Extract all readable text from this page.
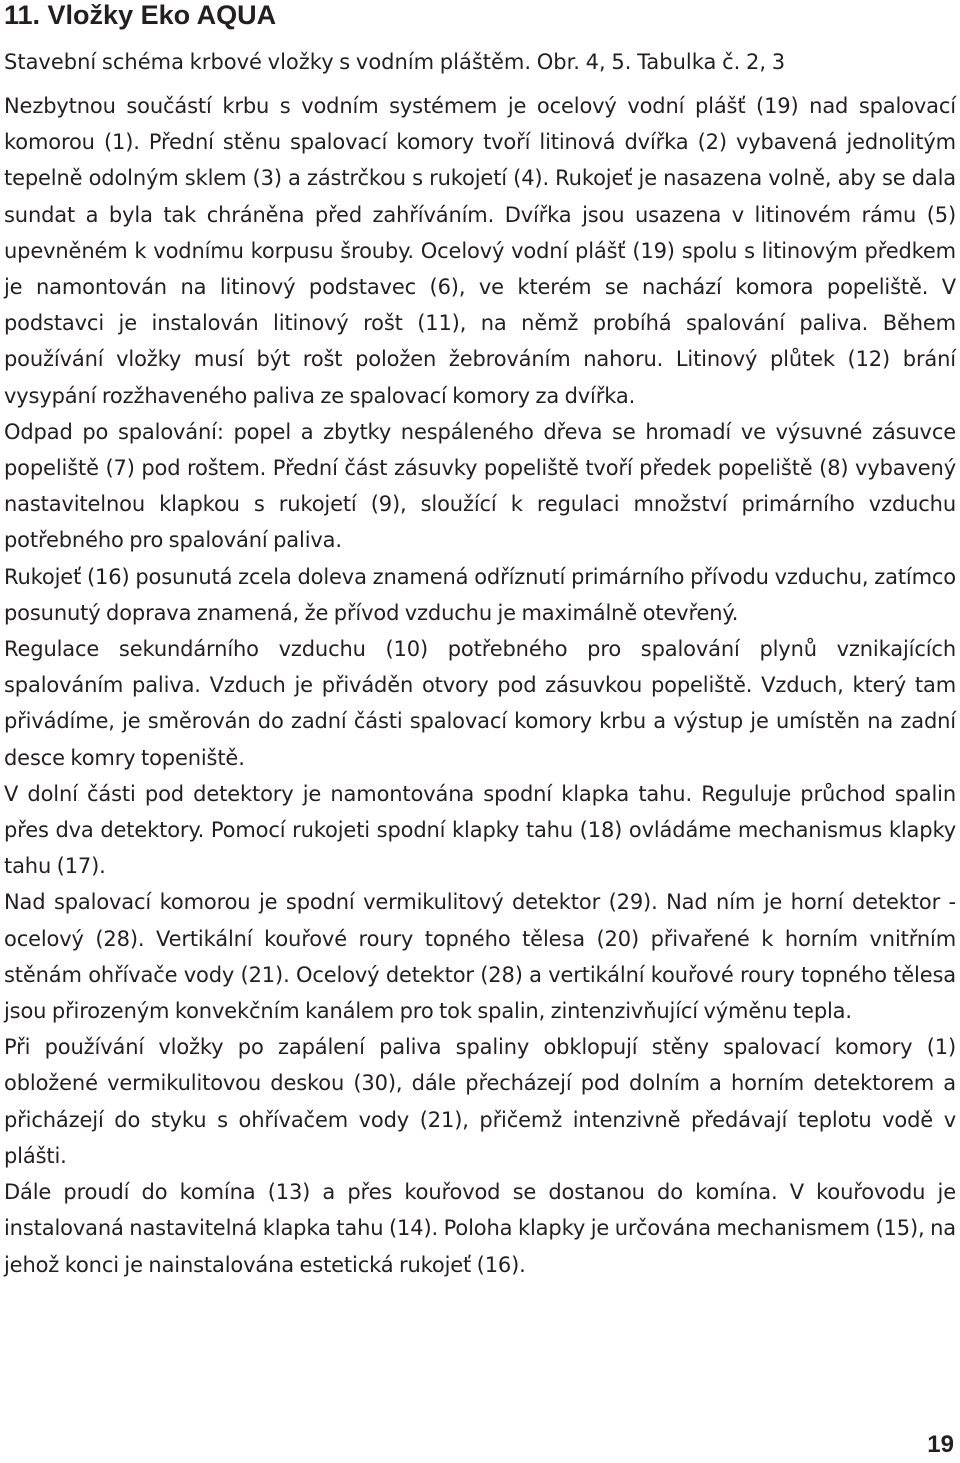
11. Vložky Eko AQUA

Stavební schéma krbové vložky s vodním pláštěm. Obr. 4, 5. Tabulka č. 2, 3

Nezbytnou součástí krbu s vodním systémem je ocelový vodní plášť (19) nad spalovací komorou (1). Přední stěnu spalovací komory tvoří litinová dvířka (2) vybavená jednolitým tepelně odolným sklem (3) a zástrčkou s rukojetí (4). Rukojeť je nasazena volně, aby se dala sundat a byla tak chráněna před zahříváním. Dvířka jsou usazena v litinovém rámu (5) upevněném k vodnímu korpusu šrouby. Ocelový vodní plášť (19) spolu s litinovým předkem je namontován na litinový podstavec (6), ve kterém se nachází komora popeliště. V podstavci je instalován litinový rošt (11), na němž probíhá spalování paliva. Během používání vložky musí být rošt položen žebrováním nahoru. Litinový plůtek (12) brání vysypání rozžhaveného paliva ze spalovací komory za dvířka.

Odpad po spalování: popel a zbytky nespáleného dřeva se hromadí ve výsuvné zásuvce popeliště (7) pod roštem. Přední část zásuvky popeliště tvoří předek popeliště (8) vybavený nastavitelnou klapkou s rukojetí (9), sloužící k regulaci množství primárního vzduchu potřebného pro spalování paliva.

Rukojeť (16) posunutá zcela doleva znamená odříznutí primárního přívodu vzduchu, zatímco posunutý doprava znamená, že přívod vzduchu je maximálně otevřený.

Regulace sekundárního vzduchu (10) potřebného pro spalování plynů vznikajících spalováním paliva. Vzduch je přiváděn otvory pod zásuvkou popeliště. Vzduch, který tam přivádíme, je směrován do zadní části spalovací komory krbu a výstup je umístěn na zadní desce komry topeniště.

V dolní části pod detektory je namontována spodní klapka tahu. Reguluje průchod spalin přes dva detektory. Pomocí rukojeti spodní klapky tahu (18) ovládáme mechanismus klapky tahu (17).

Nad spalovací komorou je spodní vermikulitový detektor (29). Nad ním je horní detektor - ocelový (28). Vertikální kouřové roury topného tělesa (20) přivařené k horním vnitřním stěnám ohřívače vody (21). Ocelový detektor (28) a vertikální kouřové roury topného tělesa jsou přirozeným konvekčním kanálem pro tok spalin, zintenzivňující výměnu tepla.

Při používání vložky po zapálení paliva spaliny obklopují stěny spalovací komory (1) obložené vermikulitovou deskou (30), dále přecházejí pod dolním a horním detektorem a přicházejí do styku s ohřívačem vody (21), přičemž intenzivně předávají teplotu vodě v plášti.

Dále proudí do komína (13) a přes kouřovod se dostanou do komína. V kouřovodu je instalovaná nastavitelná klapka tahu (14). Poloha klapky je určována mechanismem (15), na jehož konci je nainstalována estetická rukojeť (16).

19
